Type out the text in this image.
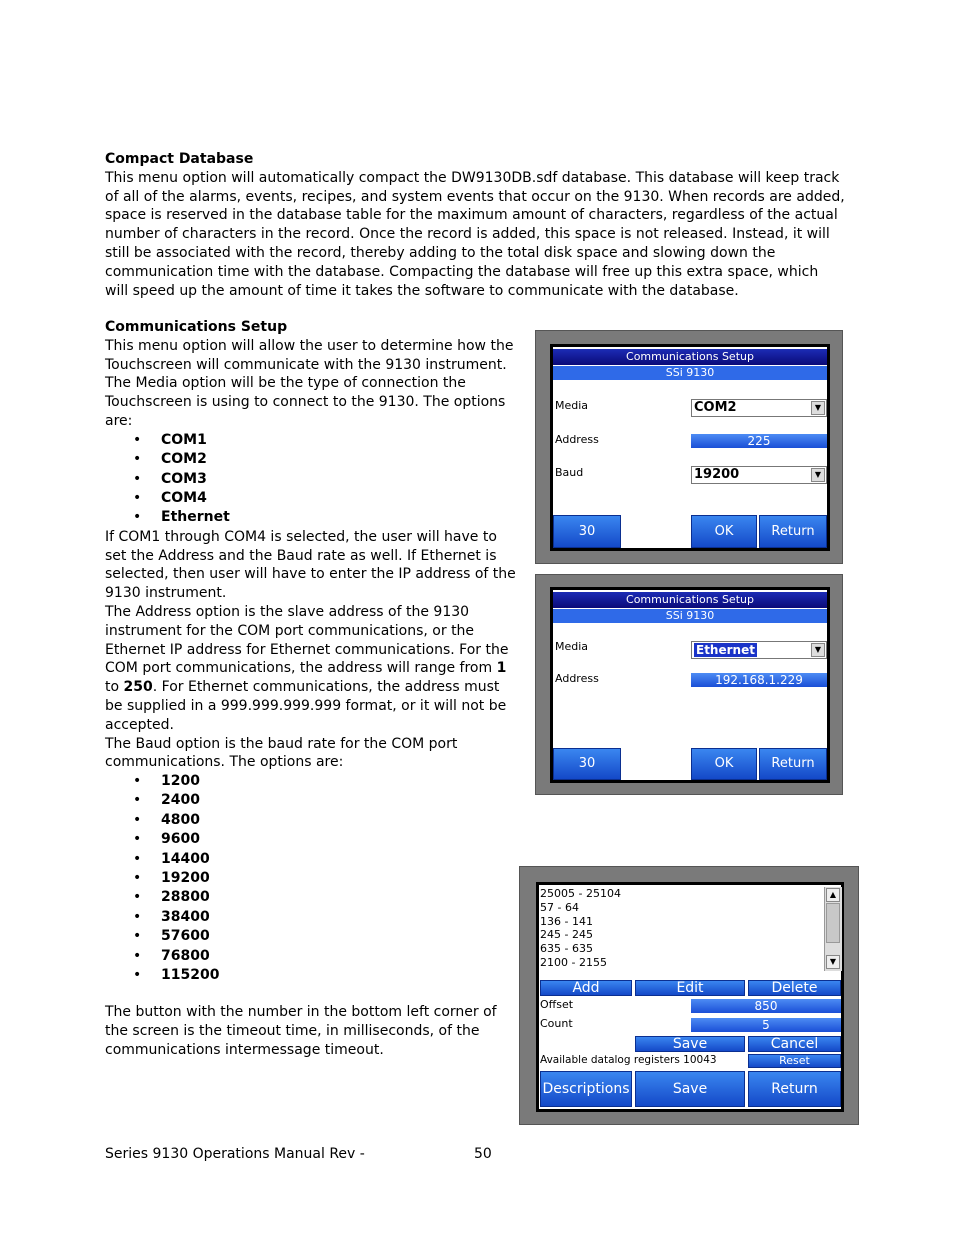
Compact Database

This menu option will automatically compact the DW9130DB.sdf database. This database will keep track of all of the alarms, events, recipes, and system events that occur on the 9130. When records are added, space is reserved in the database table for the maximum amount of characters, regardless of the actual number of characters in the record. Once the record is added, this space is not released. Instead, it will still be associated with the record, thereby adding to the total disk space and slowing down the communication time with the database. Compacting the database will free up this extra space, which will speed up the amount of time it takes the software to communicate with the database.

Communications Setup

This menu option will allow the user to determine how the Touchscreen will communicate with the 9130 instrument. The Media option will be the type of connection the Touchscreen is using to connect to the 9130. The options are:

• COM1
• COM2
• COM3
• COM4
• Ethernet

If COM1 through COM4 is selected, the user will have to set the Address and the Baud rate as well. If Ethernet is selected, then user will have to enter the IP address of the 9130 instrument.

The Address option is the slave address of the 9130 instrument for the COM port communications, or the Ethernet IP address for Ethernet communications. For the COM port communications, the address will range from 1 to 250. For Ethernet communications, the address must be supplied in a 999.999.999.999 format, or it will not be accepted.

The Baud option is the baud rate for the COM port communications. The options are:

• 1200
• 2400
• 4800
• 9600
• 14400
• 19200
• 28800
• 38400
• 57600
• 76800
• 115200

The button with the number in the bottom left corner of the screen is the timeout time, in milliseconds, of the communications intermessage timeout.

Communications Setup
SSi 9130
Media	COM2	▼
Address	225
Baud	19200	▼
30	OK	Return
Communications Setup
SSi 9130
Media	Ethernet	▼
Address	192.168.1.229
30	OK	Return
25005 - 25104
57 - 64
136 - 141
245 - 245
635 - 635
2100 - 2155
▲
▼
Add	Edit	Delete
Offset	850
Count	5
Save	Cancel
Available datalog registers 10043	Reset
Descriptions	Save	Return
Series 9130 Operations Manual Rev -	50
